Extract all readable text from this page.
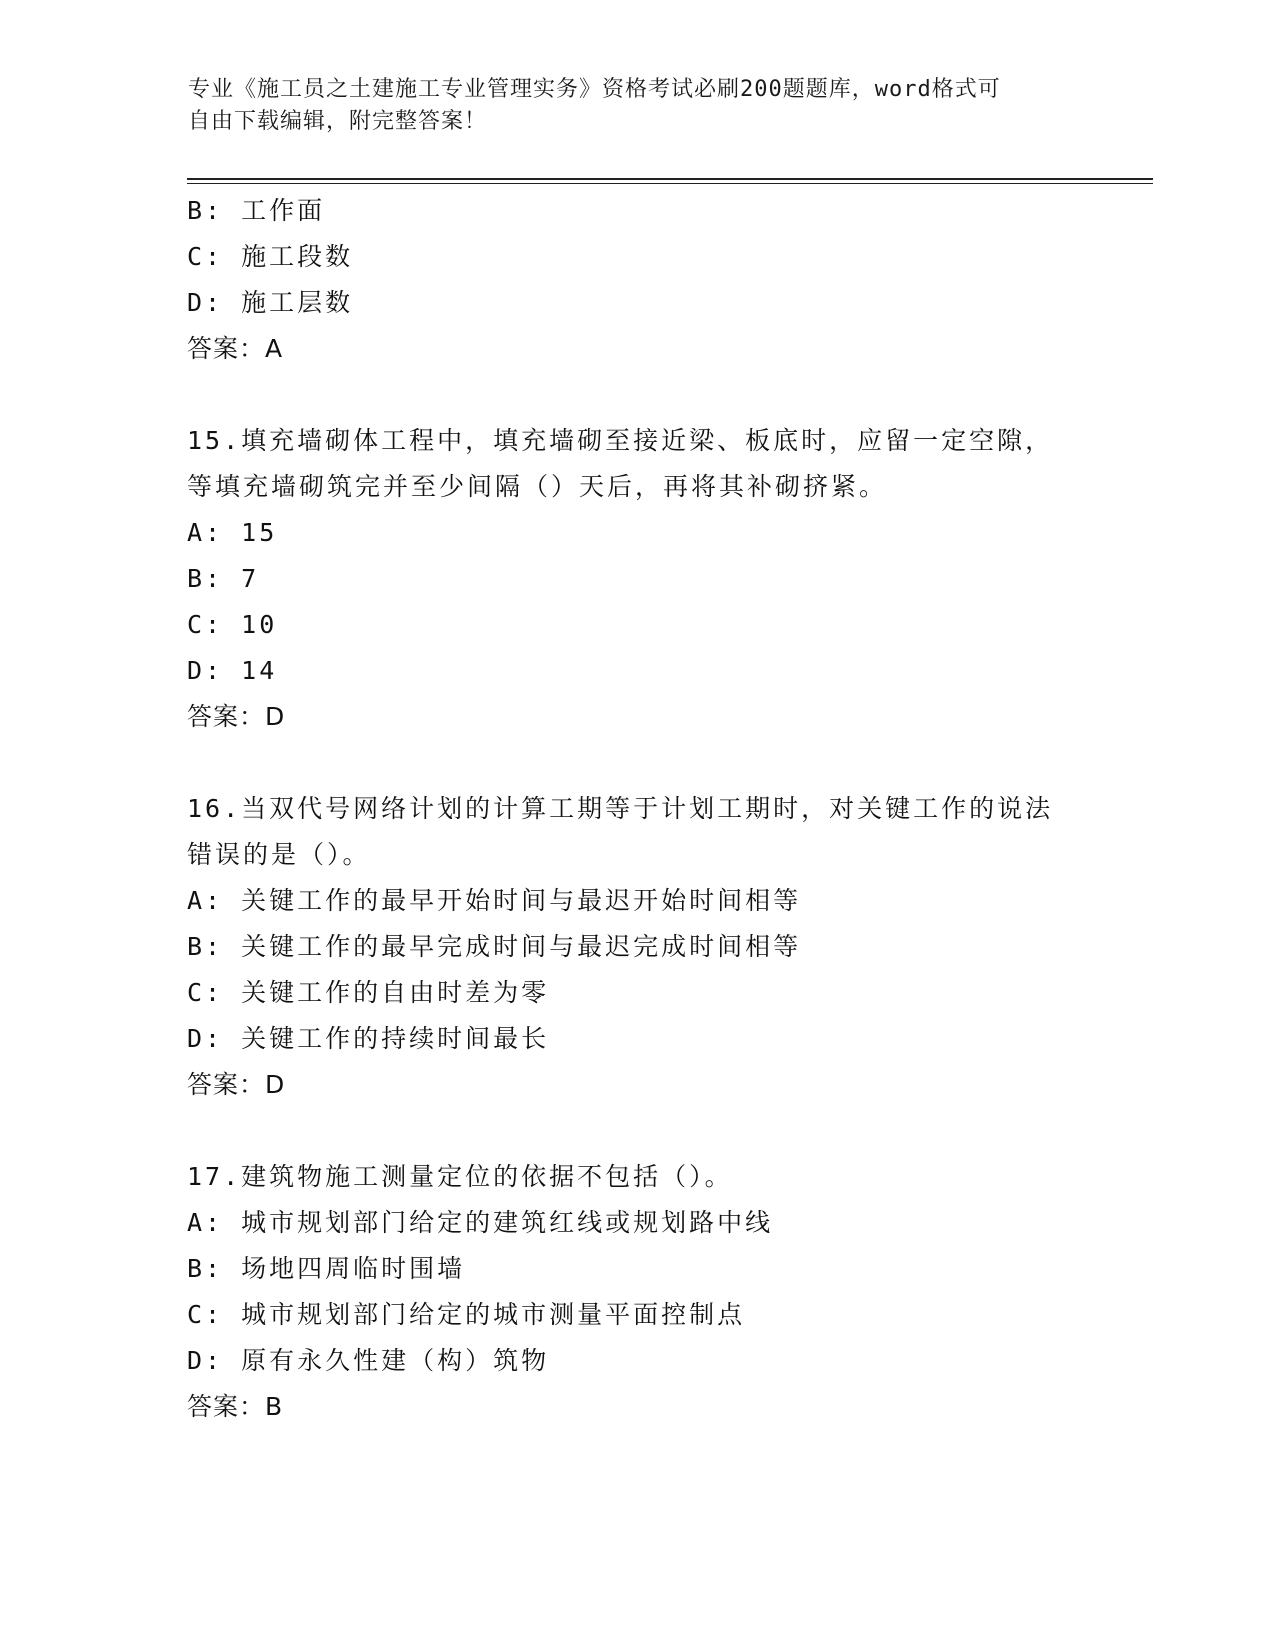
专业《施工员之土建施工专业管理实务》资格考试必刷200题题库，word格式可
自由下载编辑，附完整答案！
B: 工作面
C: 施工段数
D: 施工层数
答案：A
15.填充墙砌体工程中，填充墙砌至接近梁、板底时，应留一定空隙，
等填充墙砌筑完并至少间隔（）天后，再将其补砌挤紧。
A: 15
B: 7
C: 10
D: 14
答案：D
16.当双代号网络计划的计算工期等于计划工期时，对关键工作的说法
错误的是（）。
A: 关键工作的最早开始时间与最迟开始时间相等
B: 关键工作的最早完成时间与最迟完成时间相等
C: 关键工作的自由时差为零
D: 关键工作的持续时间最长
答案：D
17.建筑物施工测量定位的依据不包括（）。
A: 城市规划部门给定的建筑红线或规划路中线
B: 场地四周临时围墙
C: 城市规划部门给定的城市测量平面控制点
D: 原有永久性建（构）筑物
答案：B
